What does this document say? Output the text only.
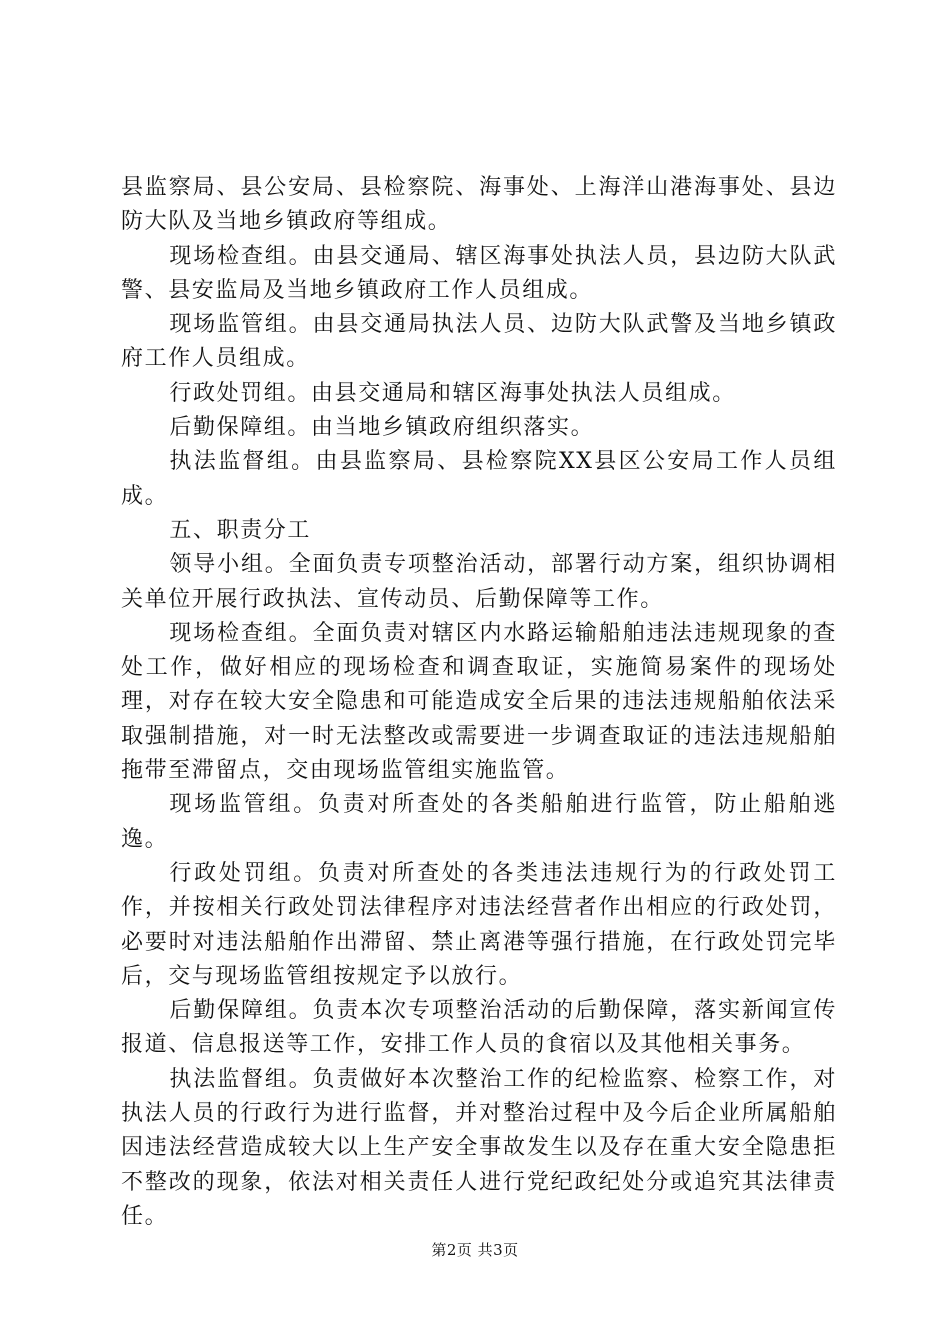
县监察局、县公安局、县检察院、海事处、上海洋山港海事处、县边防大队及当地乡镇政府等组成。

现场检查组。由县交通局、辖区海事处执法人员，县边防大队武警、县安监局及当地乡镇政府工作人员组成。

现场监管组。由县交通局执法人员、边防大队武警及当地乡镇政府工作人员组成。

行政处罚组。由县交通局和辖区海事处执法人员组成。

后勤保障组。由当地乡镇政府组织落实。

执法监督组。由县监察局、县检察院XX县区公安局工作人员组成。

五、职责分工

领导小组。全面负责专项整治活动，部署行动方案，组织协调相关单位开展行政执法、宣传动员、后勤保障等工作。

现场检查组。全面负责对辖区内水路运输船舶违法违规现象的查处工作，做好相应的现场检查和调查取证，实施简易案件的现场处理，对存在较大安全隐患和可能造成安全后果的违法违规船舶依法采取强制措施，对一时无法整改或需要进一步调查取证的违法违规船舶拖带至滞留点，交由现场监管组实施监管。

现场监管组。负责对所查处的各类船舶进行监管，防止船舶逃逸。

行政处罚组。负责对所查处的各类违法违规行为的行政处罚工作，并按相关行政处罚法律程序对违法经营者作出相应的行政处罚，必要时对违法船舶作出滞留、禁止离港等强行措施，在行政处罚完毕后，交与现场监管组按规定予以放行。

后勤保障组。负责本次专项整治活动的后勤保障，落实新闻宣传报道、信息报送等工作，安排工作人员的食宿以及其他相关事务。

执法监督组。负责做好本次整治工作的纪检监察、检察工作，对执法人员的行政行为进行监督，并对整治过程中及今后企业所属船舶因违法经营造成较大以上生产安全事故发生以及存在重大安全隐患拒不整改的现象，依法对相关责任人进行党纪政纪处分或追究其法律责任。

第2页 共3页
